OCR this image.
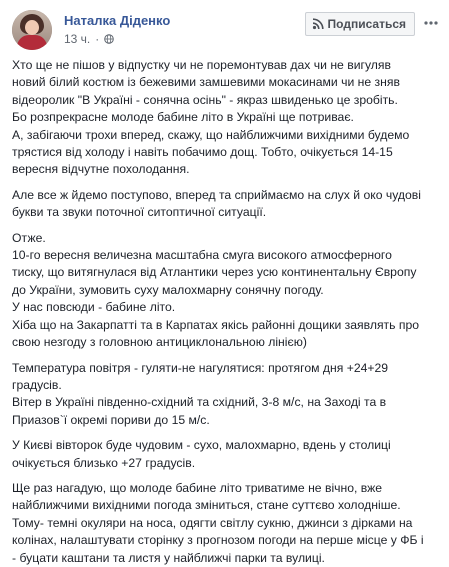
Наталка Діденко
13 ч. ·
Подписаться

Хто ще не пішов у відпустку чи не поремонтував дах чи не вигуляв

новий білий костюм із бежевими замшевими мокасинами чи не зняв

відеоролик "В Україні - сонячна осінь" - якраз швиденько це зробіть.

Бо розпрекрасне молоде бабине літо в Україні ще потриває.

А, забігаючи трохи вперед, скажу, що найближчими вихідними будемо

трястися від холоду і навіть побачимо дощ. Тобто, очікується 14-15

вересня відчутне похолодання.

Але все ж йдемо поступово, вперед та сприймаємо на слух й око чудові

букви та звуки поточної ситоптичної ситуації.

Отже.

10-го вересня величезна масштабна смуга високого атмосферного

тиску, що витягнулася від Атлантики через усю континентальну Європу

до України, зумовить суху малохмарну сонячну погоду.

У нас повсюди - бабине літо.

Хіба що на Закарпатті та в Карпатах якісь районні дощики заявлять про

свою незгоду з головною антициклональною лінією)

Температура повітря - гуляти-не нагулятися: протягом дня +24+29

градусів.

Вітер в Україні південно-східний та східний, 3-8 м/с, на Заході та в

Приазов`ї окремі пориви до 15 м/с.

У Києві вівторок буде чудовим - сухо, малохмарно, вдень у столиці

очікується близько +27 градусів.

Ще раз нагадую, що молоде бабине літо триватиме не вічно, вже

найближчими вихідними погода зміниться, стане суттєво холоднішe.

Тому- темні окуляри на носа, одягти світлу сукню, джинси з дірками на

колінах, налаштувати сторінку з прогнозом погоди на перше місце у ФБ і

- буцати каштани та листя у найближчі парки та вулиці.
